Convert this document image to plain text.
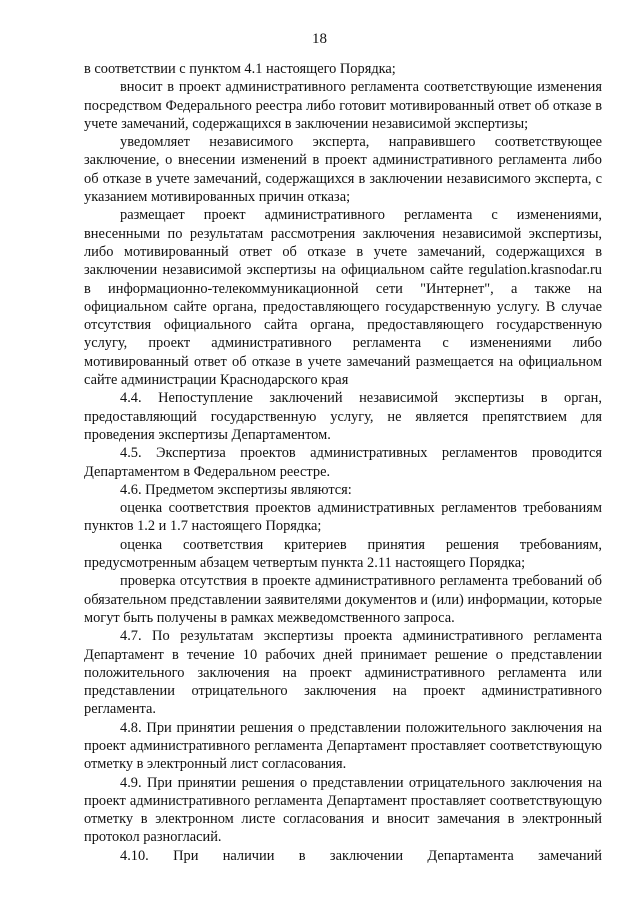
18

в соответствии с пунктом 4.1 настоящего Порядка;

вносит в проект административного регламента соответствующие изменения посредством Федерального реестра либо готовит мотивированный ответ об отказе в учете замечаний, содержащихся в заключении независимой экспертизы;

уведомляет независимого эксперта, направившего соответствующее заключение, о внесении изменений в проект административного регламента либо об отказе в учете замечаний, содержащихся в заключении независимого эксперта, с указанием мотивированных причин отказа;

размещает проект административного регламента с изменениями, внесенными по результатам рассмотрения заключения независимой экспертизы, либо мотивированный ответ об отказе в учете замечаний, содержащихся в заключении независимой экспертизы на официальном сайте regulation.krasnodar.ru в информационно-телекоммуникационной сети "Интернет", а также на официальном сайте органа, предоставляющего государственную услугу. В случае отсутствия официального сайта органа, предоставляющего государственную услугу, проект административного регламента с изменениями либо мотивированный ответ об отказе в учете замечаний размещается на официальном сайте администрации Краснодарского края

4.4. Непоступление заключений независимой экспертизы в орган, предоставляющий государственную услугу, не является препятствием для проведения экспертизы Департаментом.

4.5. Экспертиза проектов административных регламентов проводится Департаментом в Федеральном реестре.

4.6. Предметом экспертизы являются:

оценка соответствия проектов административных регламентов требованиям пунктов 1.2 и 1.7 настоящего Порядка;

оценка соответствия критериев принятия решения требованиям, предусмотренным абзацем четвертым пункта 2.11 настоящего Порядка;

проверка отсутствия в проекте административного регламента требований об обязательном представлении заявителями документов и (или) информации, которые могут быть получены в рамках межведомственного запроса.

4.7. По результатам экспертизы проекта административного регламента Департамент в течение 10 рабочих дней принимает решение о представлении положительного заключения на проект административного регламента или представлении отрицательного заключения на проект административного регламента.

4.8. При принятии решения о представлении положительного заключения на проект административного регламента Департамент проставляет соответствующую отметку в электронный лист согласования.

4.9. При принятии решения о представлении отрицательного заключения на проект административного регламента Департамент проставляет соответствующую отметку в электронном листе согласования и вносит замечания в электронный протокол разногласий.

4.10. При наличии в заключении Департамента замечаний
